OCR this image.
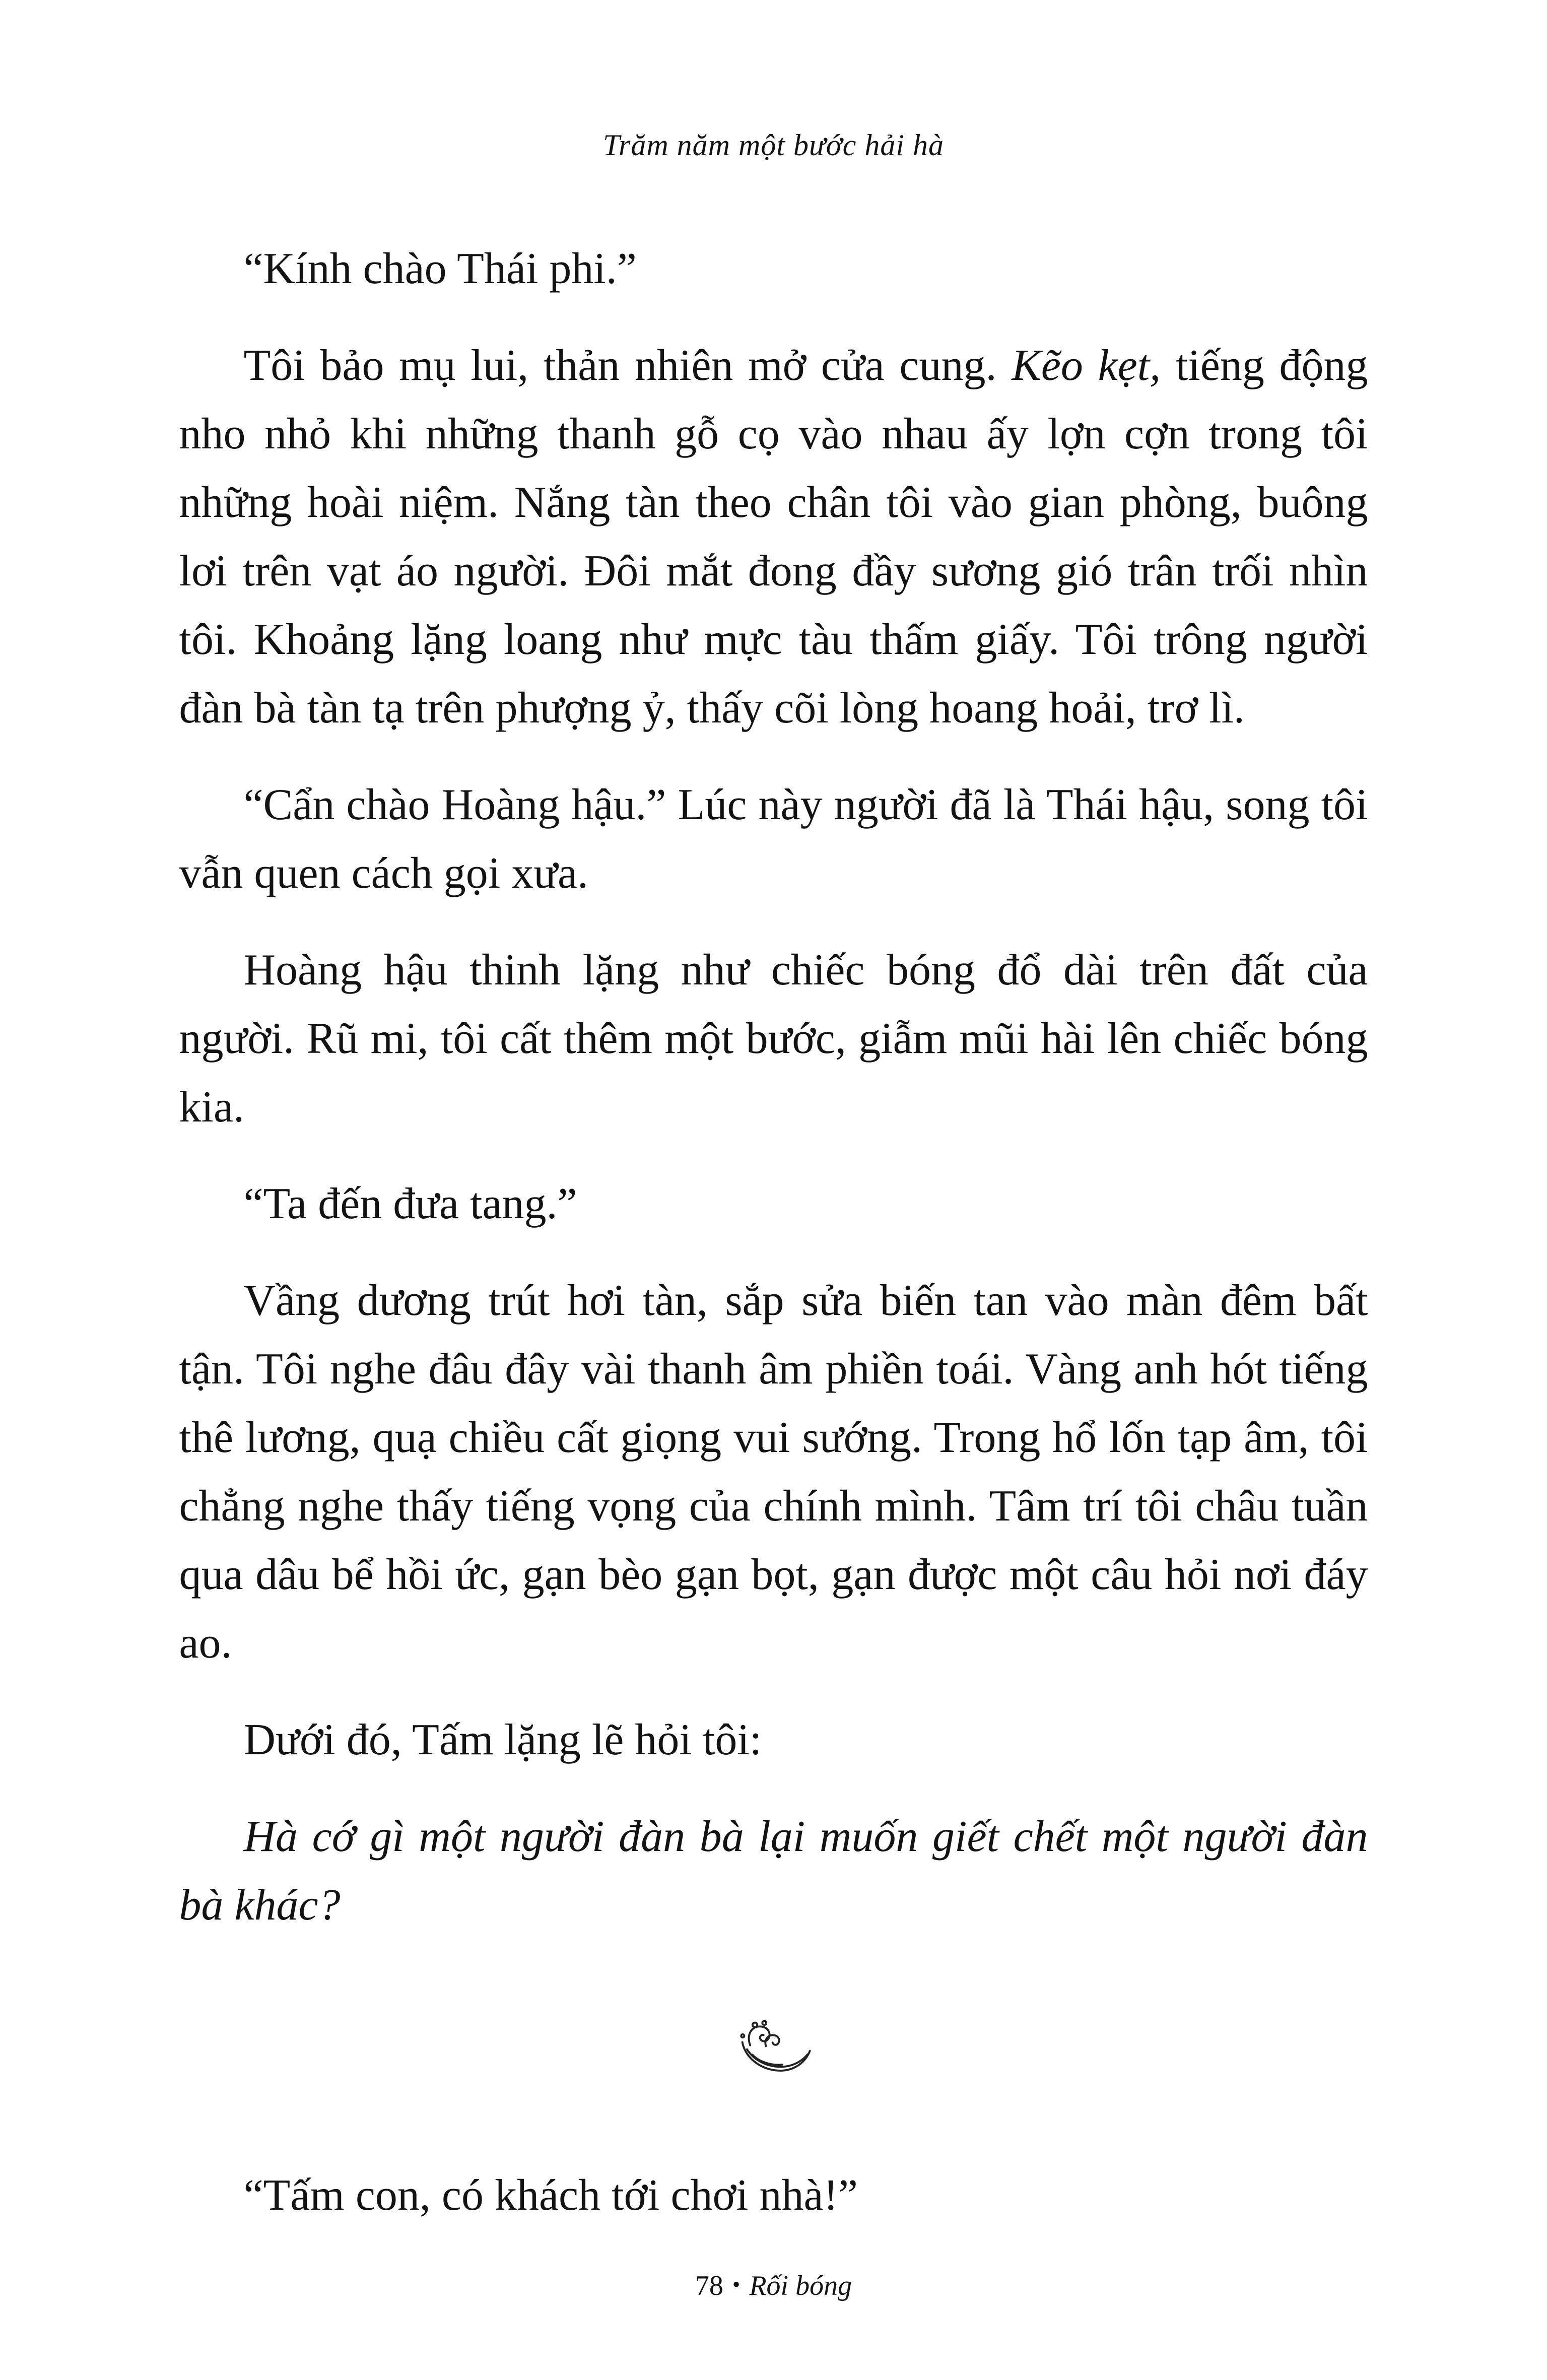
Trăm năm một bước hải hà

“Kính chào Thái phi.”

Tôi bảo mụ lui, thản nhiên mở cửa cung. Kẽo kẹt, tiếng động nho nhỏ khi những thanh gỗ cọ vào nhau ấy lợn cợn trong tôi những hoài niệm. Nắng tàn theo chân tôi vào gian phòng, buông lơi trên vạt áo người. Đôi mắt đong đầy sương gió trân trối nhìn tôi. Khoảng lặng loang như mực tàu thấm giấy. Tôi trông người đàn bà tàn tạ trên phượng ỷ, thấy cõi lòng hoang hoải, trơ lì.

“Cẩn chào Hoàng hậu.” Lúc này người đã là Thái hậu, song tôi vẫn quen cách gọi xưa.

Hoàng hậu thinh lặng như chiếc bóng đổ dài trên đất của người. Rũ mi, tôi cất thêm một bước, giẫm mũi hài lên chiếc bóng kia.

“Ta đến đưa tang.”

Vầng dương trút hơi tàn, sắp sửa biến tan vào màn đêm bất tận. Tôi nghe đâu đây vài thanh âm phiền toái. Vàng anh hót tiếng thê lương, quạ chiều cất giọng vui sướng. Trong hổ lốn tạp âm, tôi chẳng nghe thấy tiếng vọng của chính mình. Tâm trí tôi châu tuần qua dâu bể hồi ức, gạn bèo gạn bọt, gạn được một câu hỏi nơi đáy ao.

Dưới đó, Tấm lặng lẽ hỏi tôi:

Hà cớ gì một người đàn bà lại muốn giết chết một người đàn bà khác?

“Tấm con, có khách tới chơi nhà!”

78 • Rối bóng
